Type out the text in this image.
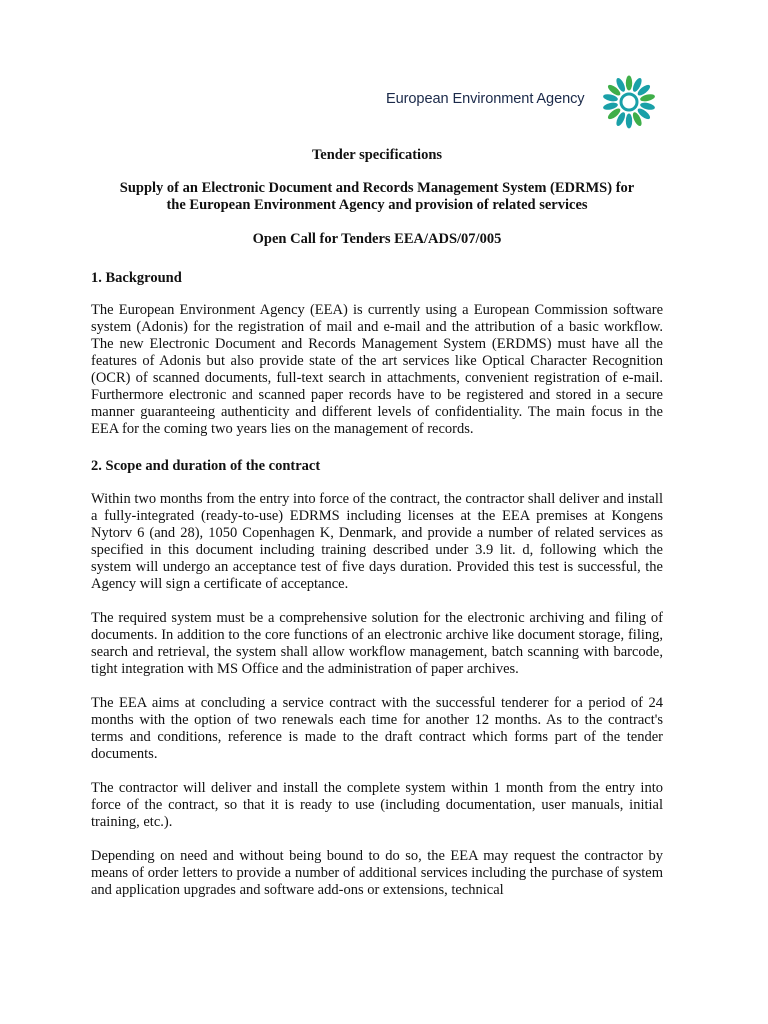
European Environment Agency
Tender specifications
Supply of an Electronic Document and Records Management System (EDRMS) for
the European Environment Agency and provision of related services
Open Call for Tenders EEA/ADS/07/005
1. Background

The European Environment Agency (EEA) is currently using a European Commission software system (Adonis) for the registration of mail and e-mail and the attribution of a basic workflow. The new Electronic Document and Records Management System (ERDMS) must have all the features of Adonis but also provide state of the art services like Optical Character Recognition (OCR) of scanned documents, full-text search in attachments, convenient registration of e-mail. Furthermore electronic and scanned paper records have to be registered and stored in a secure manner guaranteeing authenticity and different levels of confidentiality. The main focus in the EEA for the coming two years lies on the management of records.

2. Scope and duration of the contract

Within two months from the entry into force of the contract, the contractor shall deliver and install a fully-integrated (ready-to-use) EDRMS including licenses at the EEA premises at Kongens Nytorv 6 (and 28), 1050 Copenhagen K, Denmark, and provide a number of related services as specified in this document including training described under 3.9 lit. d, following which the system will undergo an acceptance test of five days duration. Provided this test is successful, the Agency will sign a certificate of acceptance.

The required system must be a comprehensive solution for the electronic archiving and filing of documents. In addition to the core functions of an electronic archive like document storage, filing, search and retrieval, the system shall allow workflow management, batch scanning with barcode, tight integration with MS Office and the administration of paper archives.

The EEA aims at concluding a service contract with the successful tenderer for a period of 24 months with the option of two renewals each time for another 12 months. As to the contract's terms and conditions, reference is made to the draft contract which forms part of the tender documents.

The contractor will deliver and install the complete system within 1 month from the entry into force of the contract, so that it is ready to use (including documentation, user manuals, initial training, etc.).

Depending on need and without being bound to do so, the EEA may request the contractor by means of order letters to provide a number of additional services including the purchase of system and application upgrades and software add-ons or extensions, technical
